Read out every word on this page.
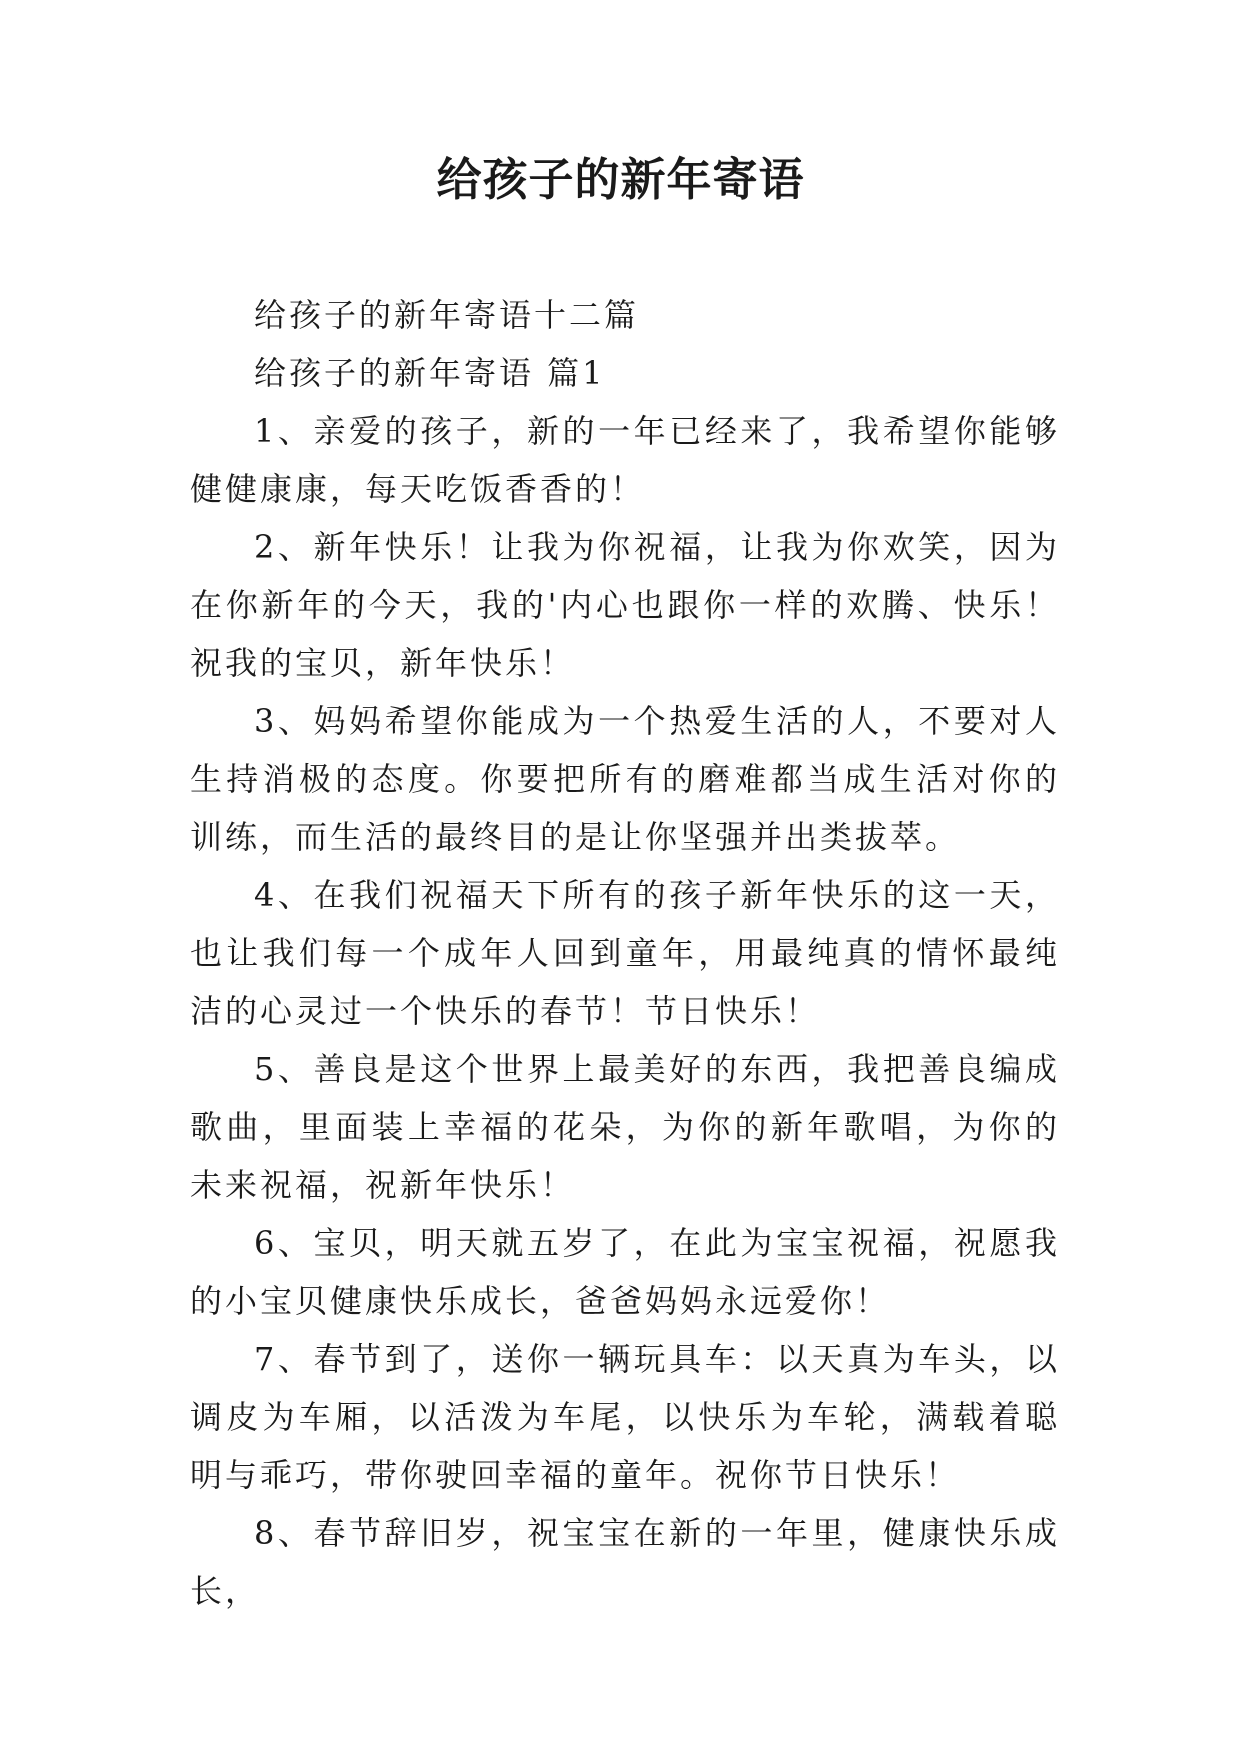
给孩子的新年寄语

给孩子的新年寄语十二篇

给孩子的新年寄语 篇1

1、亲爱的孩子，新的一年已经来了，我希望你能够健健康康，每天吃饭香香的！

2、新年快乐！让我为你祝福，让我为你欢笑，因为在你新年的今天，我的'内心也跟你一样的欢腾、快乐！祝我的宝贝，新年快乐！

3、妈妈希望你能成为一个热爱生活的人，不要对人生持消极的态度。你要把所有的磨难都当成生活对你的训练，而生活的最终目的是让你坚强并出类拔萃。

4、在我们祝福天下所有的孩子新年快乐的这一天，也让我们每一个成年人回到童年，用最纯真的情怀最纯洁的心灵过一个快乐的春节！节日快乐！

5、善良是这个世界上最美好的东西，我把善良编成歌曲，里面装上幸福的花朵，为你的新年歌唱，为你的未来祝福，祝新年快乐！

6、宝贝，明天就五岁了，在此为宝宝祝福，祝愿我的小宝贝健康快乐成长，爸爸妈妈永远爱你！

7、春节到了，送你一辆玩具车：以天真为车头，以调皮为车厢，以活泼为车尾，以快乐为车轮，满载着聪明与乖巧，带你驶回幸福的童年。祝你节日快乐！

8、春节辞旧岁，祝宝宝在新的一年里，健康快乐成长，
